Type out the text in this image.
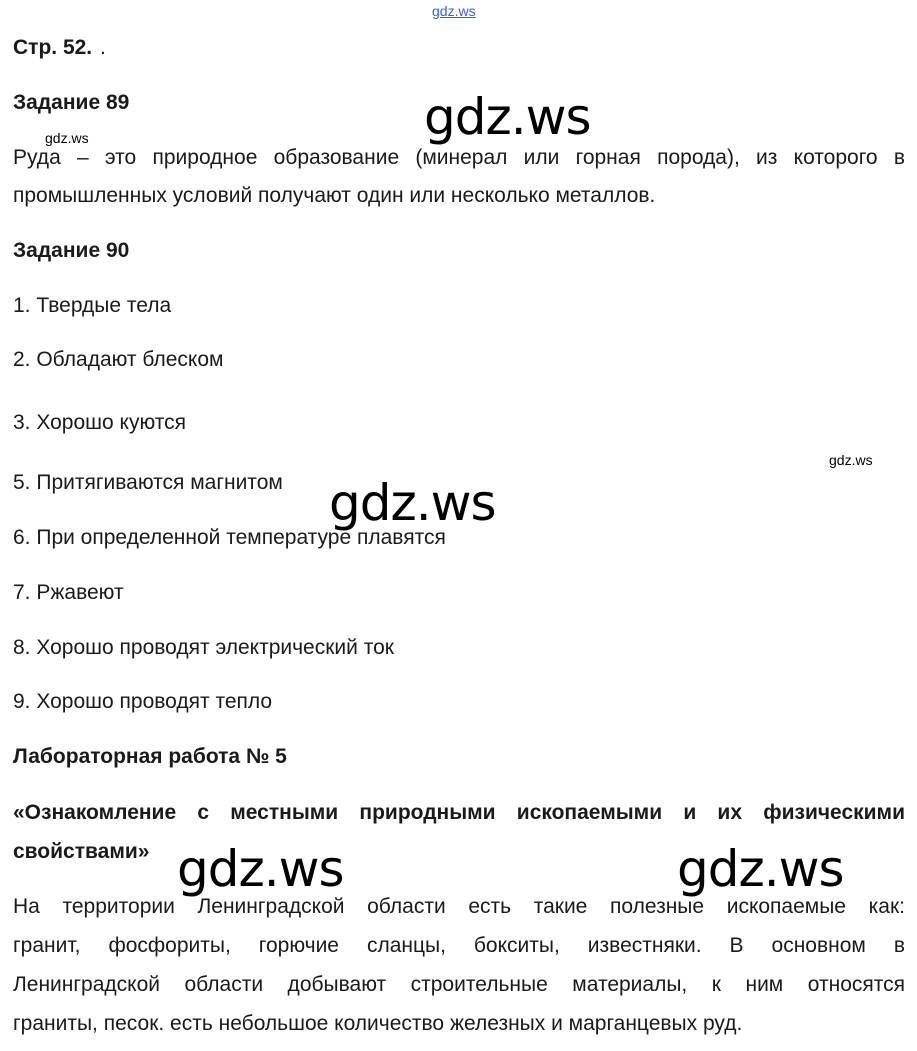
gdz.ws
Стр. 52. .
Задание 89
Руда – это природное образование (минерал или горная порода), из которого в
промышленных условий получают один или несколько металлов.
Задание 90
1. Твердые тела
2. Обладают блеском
3. Хорошо куются
5. Притягиваются магнитом
6. При определенной температуре плавятся
7. Ржавеют
8. Хорошо проводят электрический ток
9. Хорошо проводят тепло
Лабораторная работа № 5
«Ознакомление с местными природными ископаемыми и их физическими
свойствами»
На территории Ленинградской области есть такие полезные ископаемые как:
гранит, фосфориты, горючие сланцы, бокситы, известняки. В основном в
Ленинградской области добывают строительные материалы, к ним относятся
граниты, песок. есть небольшое количество железных и марганцевых руд.
gdz.ws
gdz.ws
gdz.ws
gdz.ws
gdz.ws	gdz.ws
